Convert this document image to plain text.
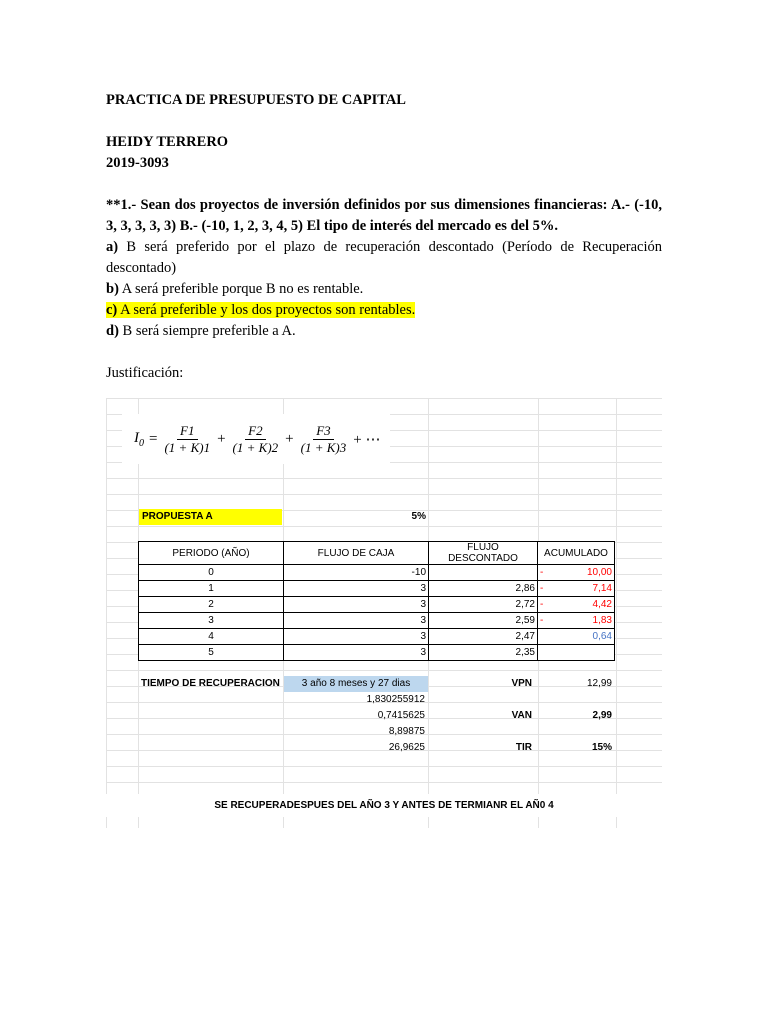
PRACTICA DE PRESUPUESTO DE CAPITAL

HEIDY TERRERO

2019-3093

**1.- Sean dos proyectos de inversión definidos por sus dimensiones financieras: A.- (-10, 3, 3, 3, 3, 3) B.- (-10, 1, 2, 3, 4, 5) El tipo de interés del mercado es del 5%.

a) B será preferido por el plazo de recuperación descontado (Período de Recuperación descontado)

b) A será preferible porque B no es rentable.

c) A será preferible y los dos proyectos son rentables.

d) B será siempre preferible a A.

Justificación:

$I_0 = \frac{F1}{(1 + K)1} + \frac{F2}{(1 + K)2} + \frac{F3}{(1 + K)3}$ + ⋯
PROPUESTA A	5%
PERIODO (AÑO)	FLUJO DE CAJA	FLUJO DESCONTADO	ACUMULADO
0	-10		- 10,00
1	3	2,86	- 7,14
2	3	2,72	- 4,42
3	3	2,59	- 1,83
4	3	2,47	0,64
5	3	2,35	
TIEMPO DE RECUPERACION	3 año 8 meses y 27 dias	VPN	12,99
1,830255912
0,7415625	VAN	2,99
8,89875
26,9625	TIR	15%
SE RECUPERADESPUES DEL AÑO 3 Y ANTES DE TERMIANR EL AÑ0 4
